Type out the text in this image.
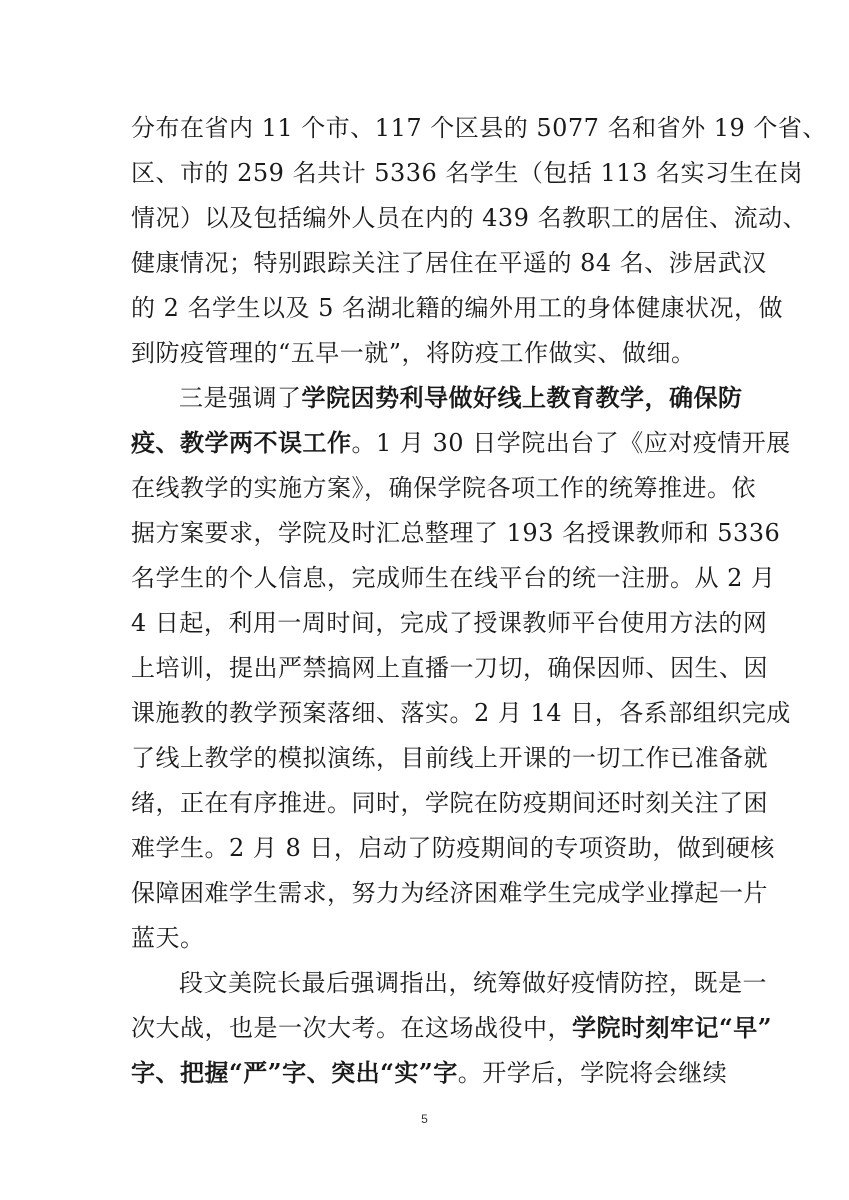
分布在省内 11 个市、117 个区县的 5077 名和省外 19 个省、
区、市的 259 名共计 5336 名学生（包括 113 名实习生在岗
情况）以及包括编外人员在内的 439 名教职工的居住、流动、
健康情况；特别跟踪关注了居住在平遥的 84 名、涉居武汉
的 2 名学生以及 5 名湖北籍的编外用工的身体健康状况，做
到防疫管理的“五早一就”，将防疫工作做实、做细。
三是强调了学院因势利导做好线上教育教学，确保防
疫、教学两不误工作。1 月 30 日学院出台了《应对疫情开展
在线教学的实施方案》，确保学院各项工作的统筹推进。依
据方案要求，学院及时汇总整理了 193 名授课教师和 5336
名学生的个人信息，完成师生在线平台的统一注册。从 2 月
4 日起，利用一周时间，完成了授课教师平台使用方法的网
上培训，提出严禁搞网上直播一刀切，确保因师、因生、因
课施教的教学预案落细、落实。2 月 14 日，各系部组织完成
了线上教学的模拟演练，目前线上开课的一切工作已准备就
绪，正在有序推进。同时，学院在防疫期间还时刻关注了困
难学生。2 月 8 日，启动了防疫期间的专项资助，做到硬核
保障困难学生需求，努力为经济困难学生完成学业撑起一片
蓝天。
段文美院长最后强调指出，统筹做好疫情防控，既是一
次大战，也是一次大考。在这场战役中，学院时刻牢记“早”
字、把握“严”字、突出“实”字。开学后，学院将会继续
5
